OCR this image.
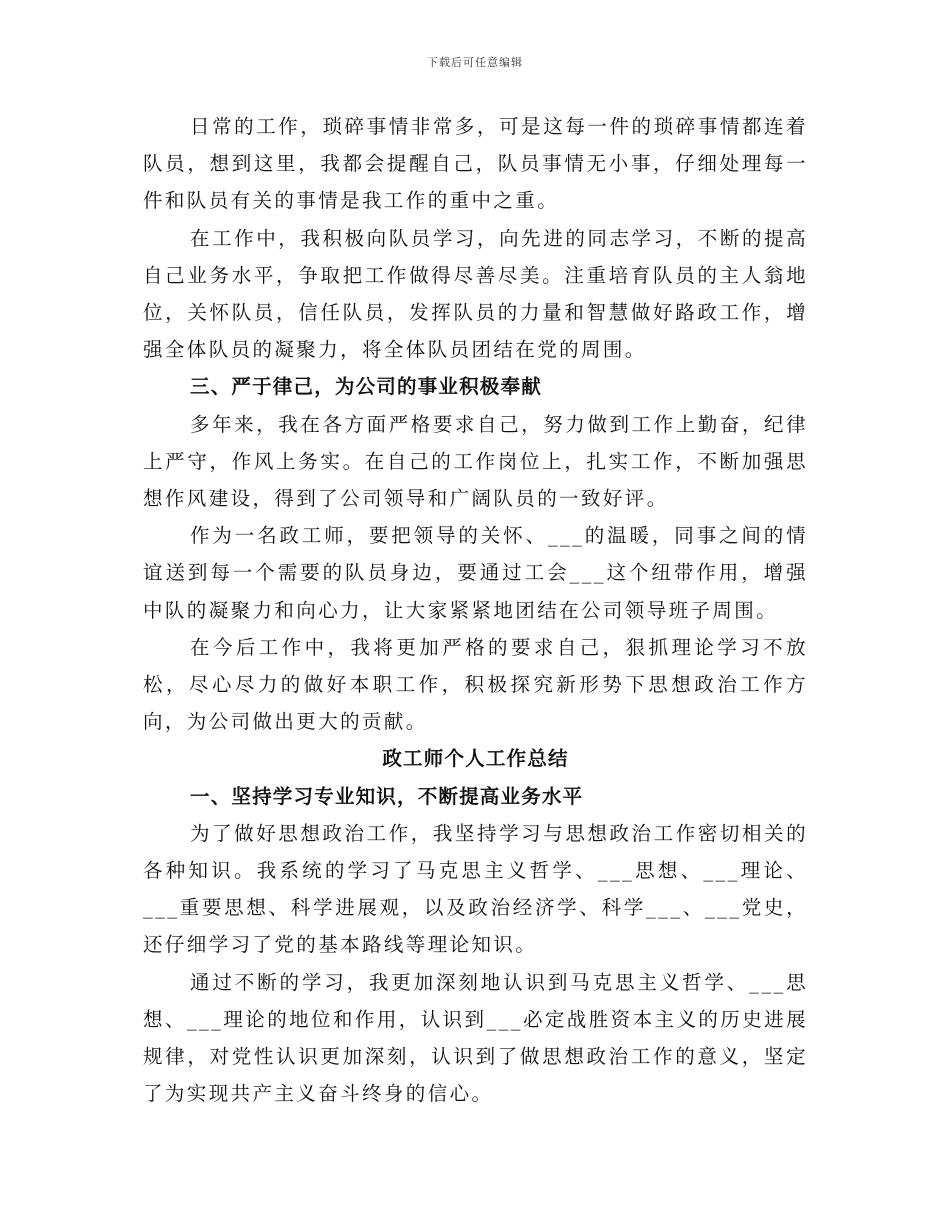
下载后可任意编辑

日常的工作，琐碎事情非常多，可是这每一件的琐碎事情都连着队员，想到这里，我都会提醒自己，队员事情无小事，仔细处理每一件和队员有关的事情是我工作的重中之重。

在工作中，我积极向队员学习，向先进的同志学习，不断的提高自己业务水平，争取把工作做得尽善尽美。注重培育队员的主人翁地位，关怀队员，信任队员，发挥队员的力量和智慧做好路政工作，增强全体队员的凝聚力，将全体队员团结在党的周围。

三、严于律己，为公司的事业积极奉献

多年来，我在各方面严格要求自己，努力做到工作上勤奋，纪律上严守，作风上务实。在自己的工作岗位上，扎实工作，不断加强思想作风建设，得到了公司领导和广阔队员的一致好评。

作为一名政工师，要把领导的关怀、___的温暖，同事之间的情谊送到每一个需要的队员身边，要通过工会___这个纽带作用，增强中队的凝聚力和向心力，让大家紧紧地团结在公司领导班子周围。

在今后工作中，我将更加严格的要求自己，狠抓理论学习不放松，尽心尽力的做好本职工作，积极探究新形势下思想政治工作方向，为公司做出更大的贡献。

政工师个人工作总结

一、坚持学习专业知识，不断提高业务水平

为了做好思想政治工作，我坚持学习与思想政治工作密切相关的各种知识。我系统的学习了马克思主义哲学、___思想、___理论、___重要思想、科学进展观，以及政治经济学、科学___、___党史，还仔细学习了党的基本路线等理论知识。

通过不断的学习，我更加深刻地认识到马克思主义哲学、___思想、___理论的地位和作用，认识到___必定战胜资本主义的历史进展规律，对党性认识更加深刻，认识到了做思想政治工作的意义，坚定了为实现共产主义奋斗终身的信心。
